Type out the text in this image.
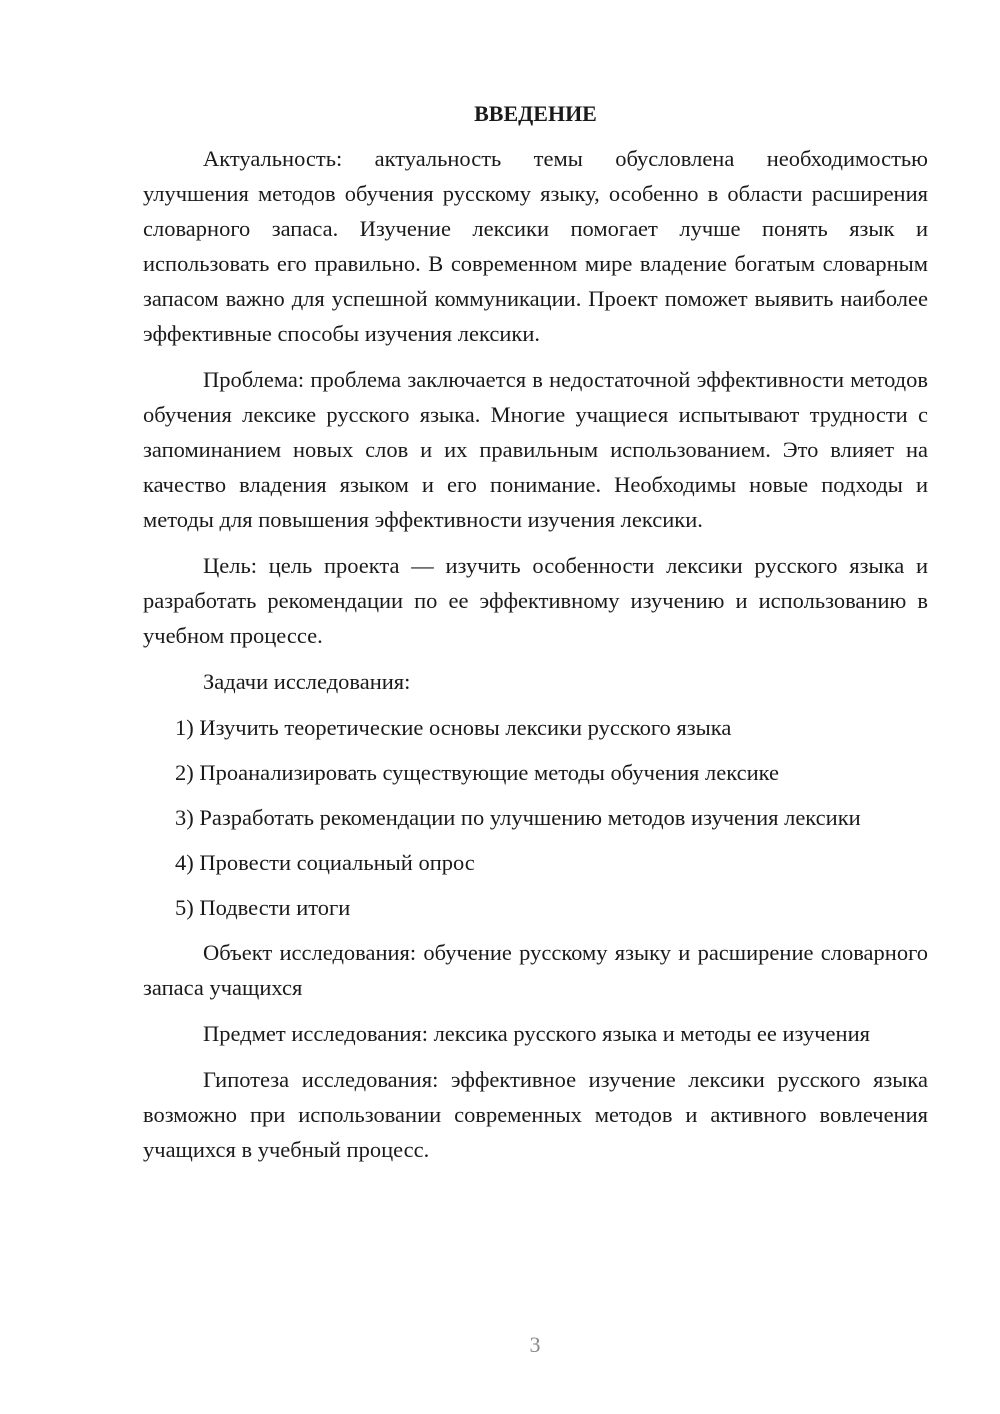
ВВЕДЕНИЕ

Актуальность: актуальность темы обусловлена необходимостью улучшения методов обучения русскому языку, особенно в области расширения словарного запаса. Изучение лексики помогает лучше понять язык и использовать его правильно. В современном мире владение богатым словарным запасом важно для успешной коммуникации. Проект поможет выявить наиболее эффективные способы изучения лексики.

Проблема: проблема заключается в недостаточной эффективности методов обучения лексике русского языка. Многие учащиеся испытывают трудности с запоминанием новых слов и их правильным использованием. Это влияет на качество владения языком и его понимание. Необходимы новые подходы и методы для повышения эффективности изучения лексики.

Цель: цель проекта — изучить особенности лексики русского языка и разработать рекомендации по ее эффективному изучению и использованию в учебном процессе.

Задачи исследования:

1) Изучить теоретические основы лексики русского языка

2) Проанализировать существующие методы обучения лексике

3) Разработать рекомендации по улучшению методов изучения лексики

4) Провести социальный опрос

5) Подвести итоги

Объект исследования: обучение русскому языку и расширение словарного запаса учащихся

Предмет исследования: лексика русского языка и методы ее изучения

Гипотеза исследования: эффективное изучение лексики русского языка возможно при использовании современных методов и активного вовлечения учащихся в учебный процесс.

3
